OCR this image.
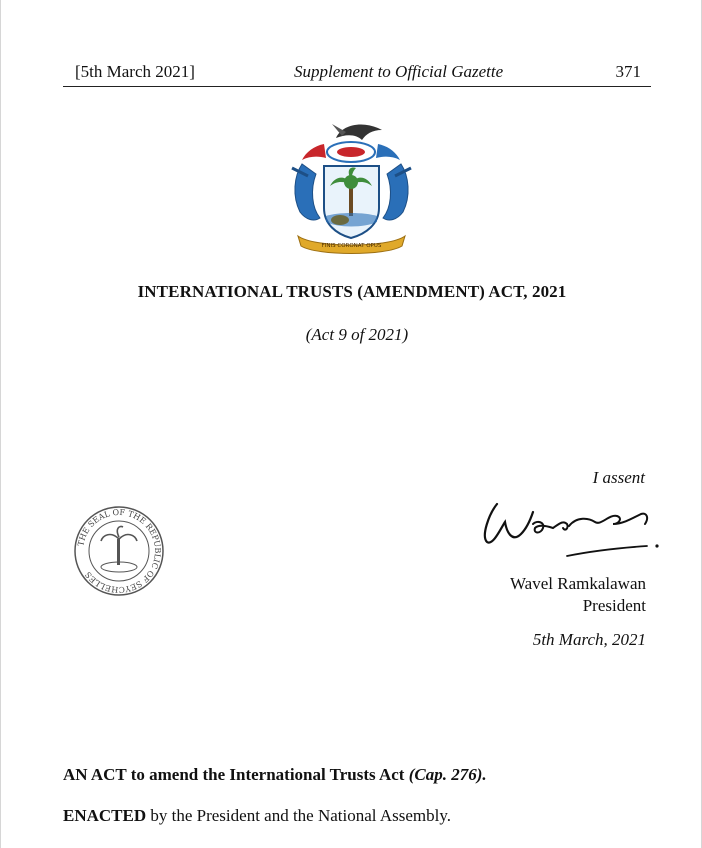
[5th March 2021]	Supplement to Official Gazette	371
FINIS CORONAT OPUS
INTERNATIONAL TRUSTS (AMENDMENT) ACT, 2021
(Act 9 of 2021)
I assent
THE SEAL OF THE REPUBLIC OF SEYCHELLES	Wavel Ramkalawan
President
5th March, 2021
AN ACT to amend the International Trusts Act (Cap. 276).
ENACTED by the President and the National Assembly.
